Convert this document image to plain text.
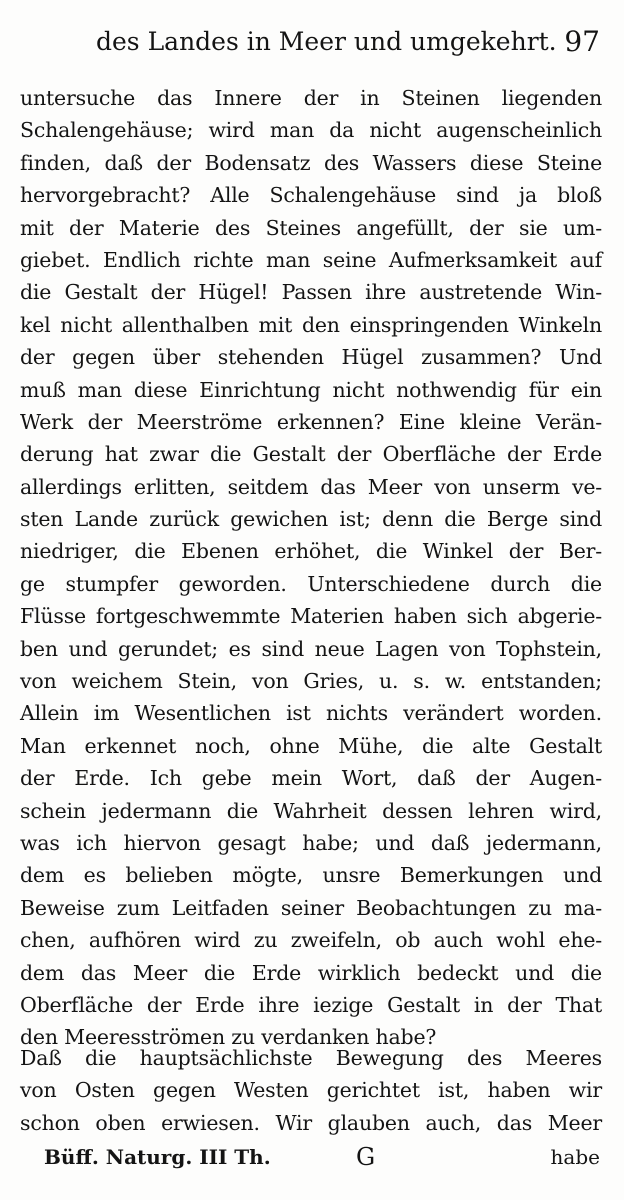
des Landes in Meer und umgekehrt. 97
untersuche das Innere der in Steinen liegenden
Schalengehäuse; wird man da nicht augenscheinlich
finden, daß der Bodensatz des Wassers diese Steine
hervorgebracht? Alle Schalengehäuse sind ja bloß
mit der Materie des Steines angefüllt, der sie um-
giebet. Endlich richte man seine Aufmerksamkeit auf
die Gestalt der Hügel! Passen ihre austretende Win-
kel nicht allenthalben mit den einspringenden Winkeln
der gegen über stehenden Hügel zusammen? Und
muß man diese Einrichtung nicht nothwendig für ein
Werk der Meerströme erkennen? Eine kleine Verän-
derung hat zwar die Gestalt der Oberfläche der Erde
allerdings erlitten, seitdem das Meer von unserm ve-
sten Lande zurück gewichen ist; denn die Berge sind
niedriger, die Ebenen erhöhet, die Winkel der Ber-
ge stumpfer geworden. Unterschiedene durch die
Flüsse fortgeschwemmte Materien haben sich abgerie-
ben und gerundet; es sind neue Lagen von Tophstein,
von weichem Stein, von Gries, u. s. w. entstanden;
Allein im Wesentlichen ist nichts verändert worden.
Man erkennet noch, ohne Mühe, die alte Gestalt
der Erde. Ich gebe mein Wort, daß der Augen-
schein jedermann die Wahrheit dessen lehren wird,
was ich hiervon gesagt habe; und daß jedermann,
dem es belieben mögte, unsre Bemerkungen und
Beweise zum Leitfaden seiner Beobachtungen zu ma-
chen, aufhören wird zu zweifeln, ob auch wohl ehe-
dem das Meer die Erde wirklich bedeckt und die
Oberfläche der Erde ihre iezige Gestalt in der That
den Meeresströmen zu verdanken habe?
Daß die hauptsächlichste Bewegung des Meeres
von Osten gegen Westen gerichtet ist, haben wir
schon oben erwiesen. Wir glauben auch, das Meer
Büff. Naturg. III Th.	G	habe
